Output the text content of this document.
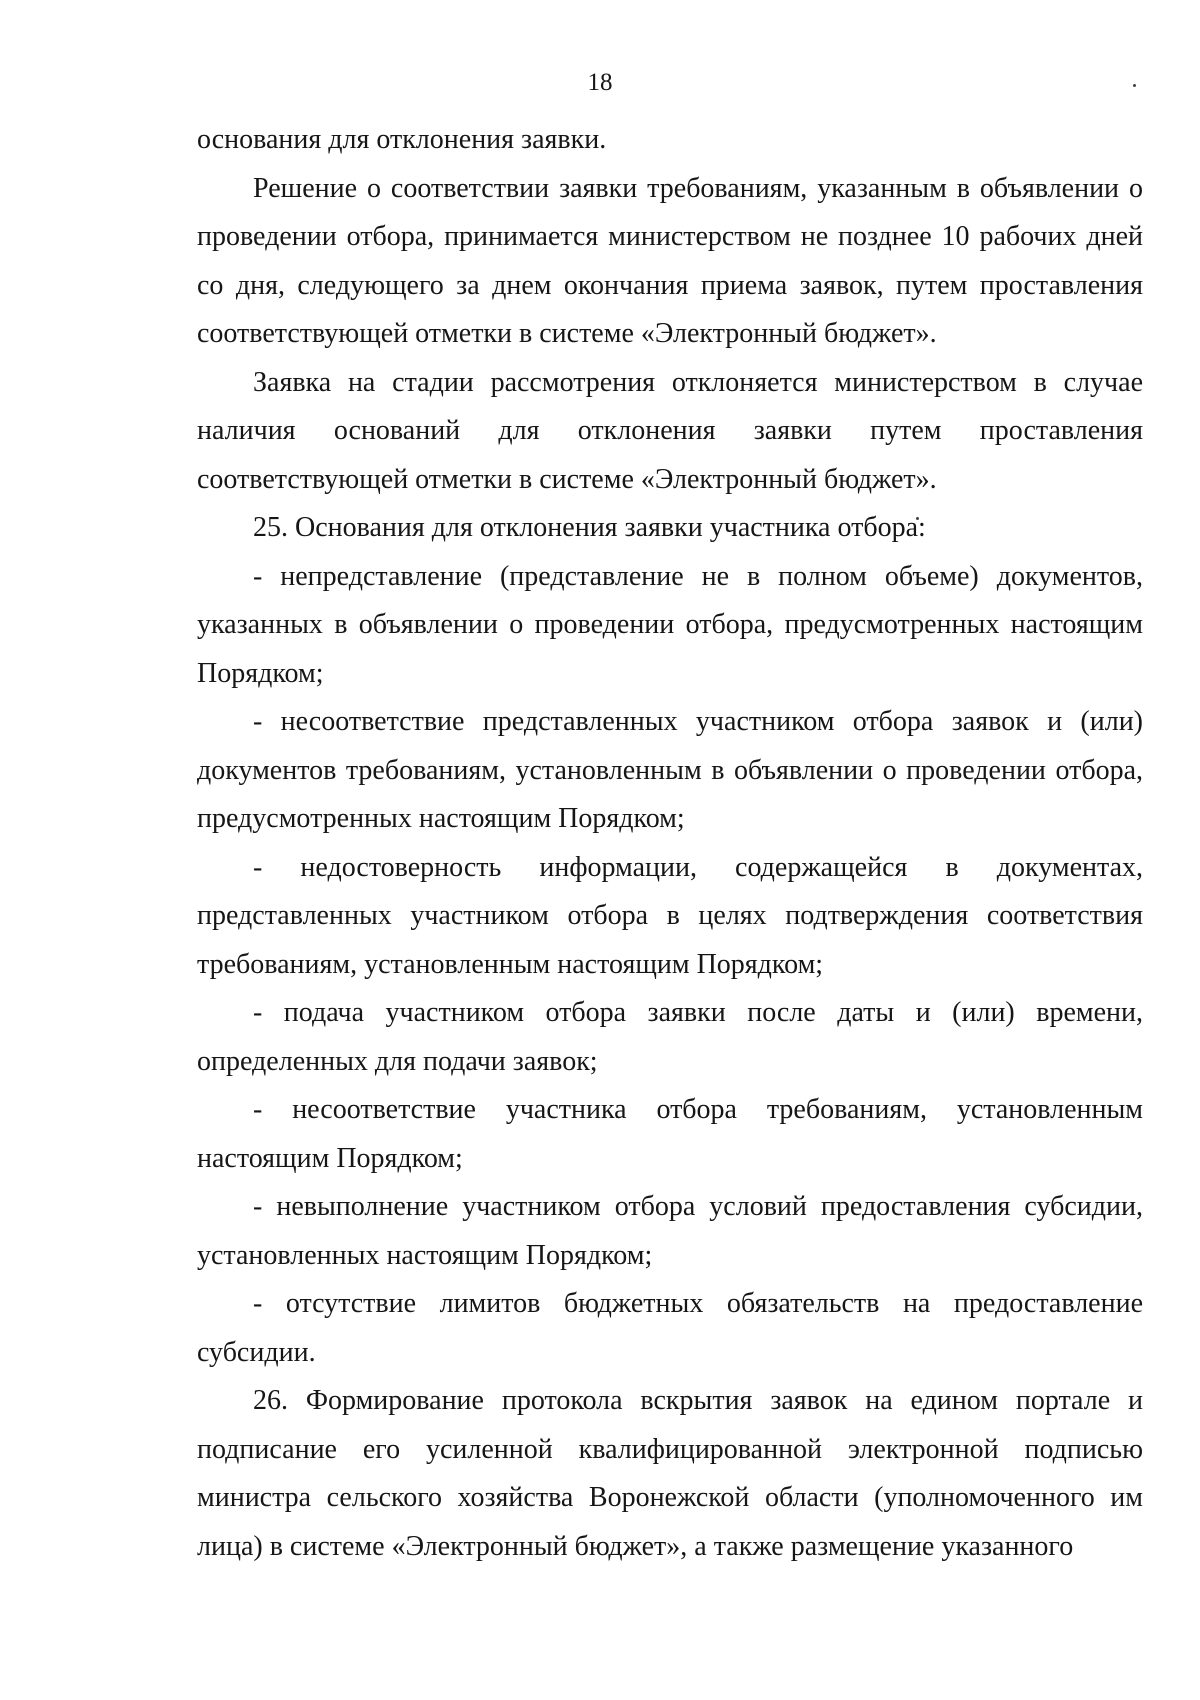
18

основания для отклонения заявки.

Решение о соответствии заявки требованиям, указанным в объявлении о проведении отбора, принимается министерством не позднее 10 рабочих дней со дня, следующего за днем окончания приема заявок, путем проставления соответствующей отметки в системе «Электронный бюджет».

Заявка на стадии рассмотрения отклоняется министерством в случае наличия оснований для отклонения заявки путем проставления соответствующей отметки в системе «Электронный бюджет».

25. Основания для отклонения заявки участника отбора:

- непредставление (представление не в полном объеме) документов, указанных в объявлении о проведении отбора, предусмотренных настоящим Порядком;

- несоответствие представленных участником отбора заявок и (или) документов требованиям, установленным в объявлении о проведении отбора, предусмотренных настоящим Порядком;

- недостоверность информации, содержащейся в документах, представленных участником отбора в целях подтверждения соответствия требованиям, установленным настоящим Порядком;

- подача участником отбора заявки после даты и (или) времени, определенных для подачи заявок;

- несоответствие участника отбора требованиям, установленным настоящим Порядком;

- невыполнение участником отбора условий предоставления субсидии, установленных настоящим Порядком;

- отсутствие лимитов бюджетных обязательств на предоставление субсидии.

26. Формирование протокола вскрытия заявок на едином портале и подписание его усиленной квалифицированной электронной подписью министра сельского хозяйства Воронежской области (уполномоченного им лица) в системе «Электронный бюджет», а также размещение указанного
